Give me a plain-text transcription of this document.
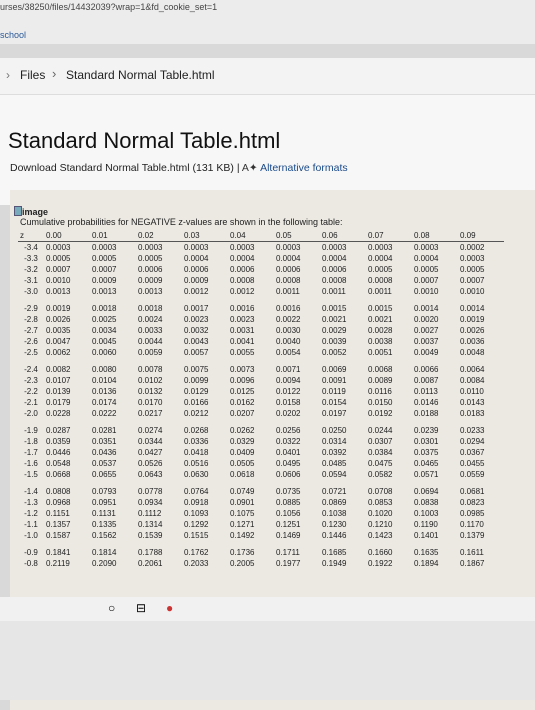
urses/38250/files/14432039?wrap=1&fd_cookie_set=1
school
› Files › Standard Normal Table.html
Standard Normal Table.html
Download Standard Normal Table.html (131 KB) | A✦ Alternative formats
image
Cumulative probabilities for NEGATIVE z-values are shown in the following table:
z	0.00	0.01	0.02	0.03	0.04	0.05	0.06	0.07	0.08	0.09
-3.4	0.0003	0.0003	0.0003	0.0003	0.0003	0.0003	0.0003	0.0003	0.0003	0.0002
-3.3	0.0005	0.0005	0.0005	0.0004	0.0004	0.0004	0.0004	0.0004	0.0004	0.0003
-3.2	0.0007	0.0007	0.0006	0.0006	0.0006	0.0006	0.0006	0.0005	0.0005	0.0005
-3.1	0.0010	0.0009	0.0009	0.0009	0.0008	0.0008	0.0008	0.0008	0.0007	0.0007
-3.0	0.0013	0.0013	0.0013	0.0012	0.0012	0.0011	0.0011	0.0011	0.0010	0.0010

-2.9	0.0019	0.0018	0.0018	0.0017	0.0016	0.0016	0.0015	0.0015	0.0014	0.0014
-2.8	0.0026	0.0025	0.0024	0.0023	0.0023	0.0022	0.0021	0.0021	0.0020	0.0019
-2.7	0.0035	0.0034	0.0033	0.0032	0.0031	0.0030	0.0029	0.0028	0.0027	0.0026
-2.6	0.0047	0.0045	0.0044	0.0043	0.0041	0.0040	0.0039	0.0038	0.0037	0.0036
-2.5	0.0062	0.0060	0.0059	0.0057	0.0055	0.0054	0.0052	0.0051	0.0049	0.0048

-2.4	0.0082	0.0080	0.0078	0.0075	0.0073	0.0071	0.0069	0.0068	0.0066	0.0064
-2.3	0.0107	0.0104	0.0102	0.0099	0.0096	0.0094	0.0091	0.0089	0.0087	0.0084
-2.2	0.0139	0.0136	0.0132	0.0129	0.0125	0.0122	0.0119	0.0116	0.0113	0.0110
-2.1	0.0179	0.0174	0.0170	0.0166	0.0162	0.0158	0.0154	0.0150	0.0146	0.0143
-2.0	0.0228	0.0222	0.0217	0.0212	0.0207	0.0202	0.0197	0.0192	0.0188	0.0183

-1.9	0.0287	0.0281	0.0274	0.0268	0.0262	0.0256	0.0250	0.0244	0.0239	0.0233
-1.8	0.0359	0.0351	0.0344	0.0336	0.0329	0.0322	0.0314	0.0307	0.0301	0.0294
-1.7	0.0446	0.0436	0.0427	0.0418	0.0409	0.0401	0.0392	0.0384	0.0375	0.0367
-1.6	0.0548	0.0537	0.0526	0.0516	0.0505	0.0495	0.0485	0.0475	0.0465	0.0455
-1.5	0.0668	0.0655	0.0643	0.0630	0.0618	0.0606	0.0594	0.0582	0.0571	0.0559

-1.4	0.0808	0.0793	0.0778	0.0764	0.0749	0.0735	0.0721	0.0708	0.0694	0.0681
-1.3	0.0968	0.0951	0.0934	0.0918	0.0901	0.0885	0.0869	0.0853	0.0838	0.0823
-1.2	0.1151	0.1131	0.1112	0.1093	0.1075	0.1056	0.1038	0.1020	0.1003	0.0985
-1.1	0.1357	0.1335	0.1314	0.1292	0.1271	0.1251	0.1230	0.1210	0.1190	0.1170
-1.0	0.1587	0.1562	0.1539	0.1515	0.1492	0.1469	0.1446	0.1423	0.1401	0.1379

-0.9	0.1841	0.1814	0.1788	0.1762	0.1736	0.1711	0.1685	0.1660	0.1635	0.1611
-0.8	0.2119	0.2090	0.2061	0.2033	0.2005	0.1977	0.1949	0.1922	0.1894	0.1867
○ ⊟ ●
